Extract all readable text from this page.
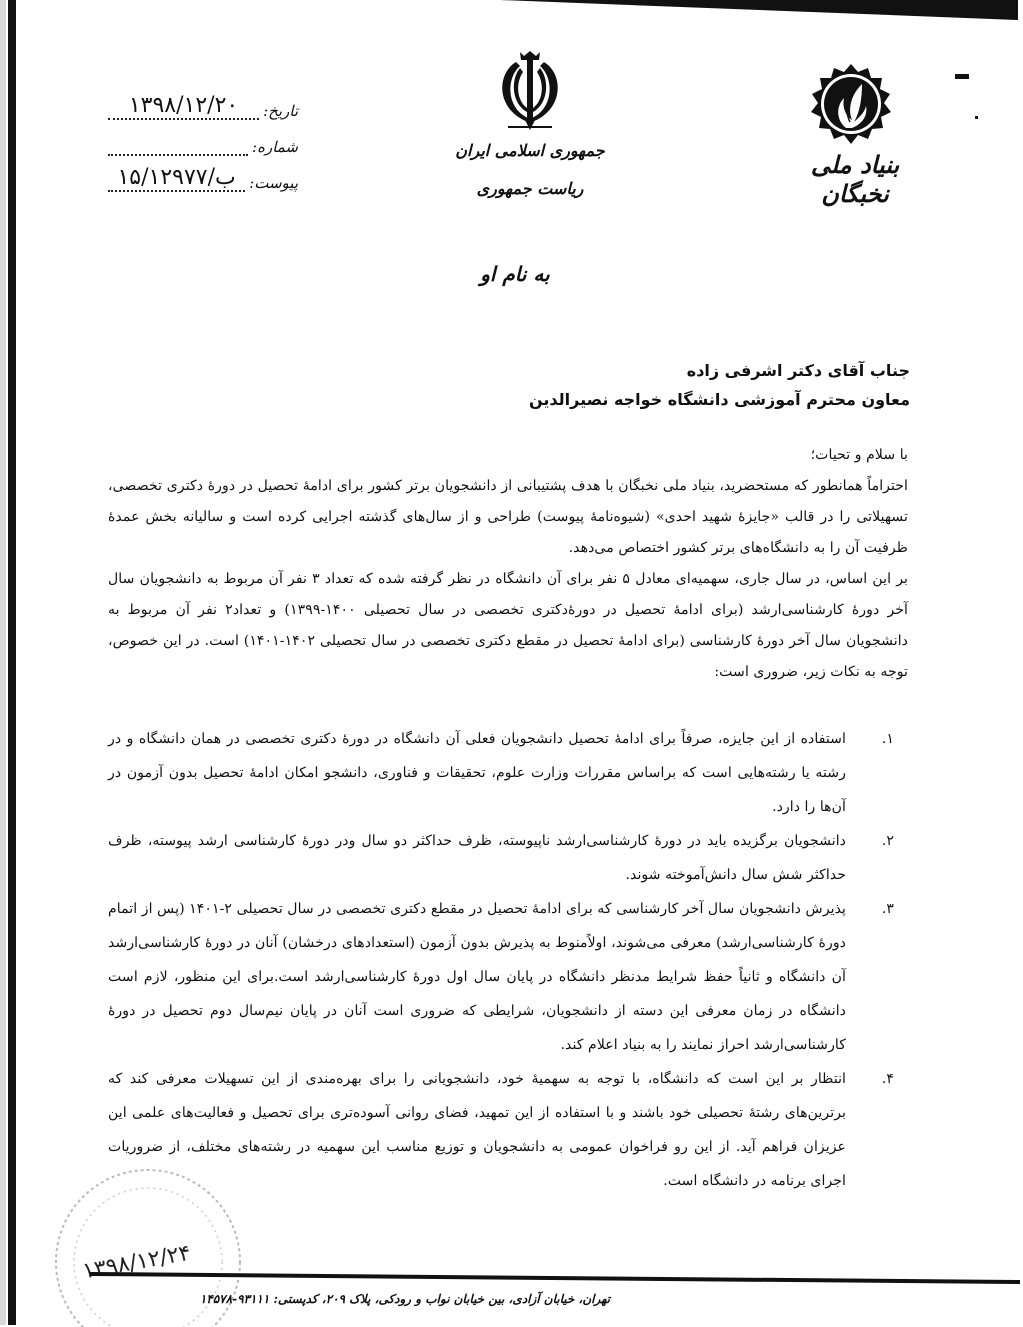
تاریخ:
۱۳۹۸/۱۲/۲۰
شماره:
پیوست:
۱۵/۱۲۹۷۷/ب
جمهوری اسلامی ایران
ریاست جمهوری
بنیاد ملی نخبگان
به نام او
جناب آقای دکتر اشرفی زاده
معاون محترم آموزشی دانشگاه خواجه نصیرالدین

با سلام و تحیات؛

احتراماً همانطور که مستحضرید، بنیاد ملی نخبگان با هدف پشتیبانی از دانشجویان برتر کشور برای ادامۀ تحصیل در دورۀ دکتری تخصصی، تسهیلاتی را در قالب «جایزۀ شهید احدی» (شیوه‌نامۀ پیوست) طراحی و از سال‌های گذشته اجرایی کرده است و سالیانه بخش عمدۀ ظرفیت آن را به دانشگاه‌های برتر کشور اختصاص می‌دهد.

بر این اساس، در سال جاری، سهمیه‌ای معادل ۵ نفر برای آن دانشگاه در نظر گرفته شده که تعداد ۳ نفر آن مربوط به دانشجویان سال آخر دورۀ کارشناسی‌ارشد (برای ادامۀ تحصیل در دورۀ‌دکتری تخصصی در سال تحصیلی ۱۴۰۰-۱۳۹۹) و تعداد۲ نفر آن مربوط به دانشجویان سال آخر دورۀ کارشناسی (برای ادامۀ تحصیل در مقطع دکتری تخصصی در سال تحصیلی ۱۴۰۲-۱۴۰۱) است. در این خصوص، توجه به نکات زیر، ضروری است:

۱.
استفاده از این جایزه، صرفاً برای ادامۀ تحصیل دانشجویان فعلی آن دانشگاه در دورۀ دکتری تخصصی در همان دانشگاه و در رشته یا رشته‌هایی است که براساس مقررات وزارت علوم، تحقیقات و فناوری، دانشجو امکان ادامۀ تحصیل بدون آزمون در آن‌ها را دارد.
۲.
دانشجویان برگزیده باید در دورۀ کارشناسی‌ارشد ناپیوسته، ظرف حداکثر دو سال ودر دورۀ کارشناسی ارشد پیوسته، ظرف حداکثر شش سال دانش‌آموخته شوند.
۳.
پذیرش دانشجویان سال آخر کارشناسی که برای ادامۀ تحصیل در مقطع دکتری تخصصی در سال تحصیلی ۲-۱۴۰۱ (پس از اتمام دورۀ کارشناسی‌ارشد) معرفی می‌شوند، اولاًمنوط به پذیرش بدون آزمون (استعدادهای درخشان) آنان در دورۀ کارشناسی‌ارشد آن دانشگاه و ثانیاً حفظ شرایط مدنظر دانشگاه در پایان سال اول دورۀ کارشناسی‌ارشد است.برای این منظور، لازم است دانشگاه در زمان معرفی این دسته از دانشجویان، شرایطی که ضروری است آنان در پایان نیم‌سال دوم تحصیل در دورۀ کارشناسی‌ارشد احراز نمایند را به بنیاد اعلام کند.
۴.
انتظار بر این است که دانشگاه، با توجه به سهمیۀ خود، دانشجویانی را برای بهره‌مندی از این تسهیلات معرفی کند که برترین‌های رشتۀ تحصیلی خود باشند و با استفاده از این تمهید، فضای روانی آسوده‌تری برای تحصیل و فعالیت‌های علمی این عزیزان فراهم آید. از این رو فراخوان عمومی به دانشجویان و توزیع مناسب این سهمیه در رشته‌های مختلف، از ضروریات اجرای برنامه در دانشگاه است.
۱۳۹۸/۱۲/۲۴
تهران، خیابان آزادی، بین خیابان نواب و رودکی، پلاک ۲۰۹، کدپستی: ۹۳۱۱۱-۱۴۵۷۸
